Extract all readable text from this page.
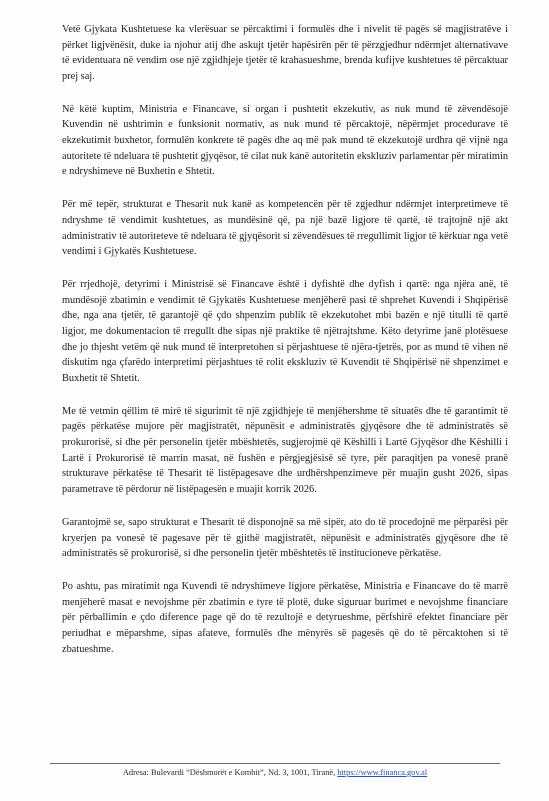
Vetë Gjykata Kushtetuese ka vlerësuar se përcaktimi i formulës dhe i nivelit të pagës së magjistratëve i përket ligjvënësit, duke ia njohur atij dhe askujt tjetër hapësirën për të përzgjedhur ndërmjet alternativave të evidentuara në vendim ose një zgjidhjeje tjetër të krahasueshme, brenda kufijve kushtetues të përcaktuar prej saj.

Në këtë kuptim, Ministria e Financave, si organ i pushtetit ekzekutiv, as nuk mund të zëvendësojë Kuvendin në ushtrimin e funksionit normativ, as nuk mund të përcaktojë, nëpërmjet procedurave të ekzekutimit buxhetor, formulën konkrete të pagës dhe aq më pak mund të ekzekutojë urdhra që vijnë nga autoritete të ndeluara të pushtetit gjyqësor, të cilat nuk kanë autoritetin ekskluziv parlamentar për miratimin e ndryshimeve në Buxhetin e Shtetit.

Për më tepër, strukturat e Thesarit nuk kanë as kompetencën për të zgjedhur ndërmjet interpretimeve të ndryshme të vendimit kushtetues, as mundësinë që, pa një bazë ligjore të qartë, të trajtojnë një akt administrativ të autoriteteve të ndeluara të gjyqësorit si zëvendësues të rregullimit ligjor të kërkuar nga vetë vendimi i Gjykatës Kushtetuese.

Për rrjedhojë, detyrimi i Ministrisë së Financave është i dyfishtë dhe dyfish i qartë: nga njëra anë, të mundësojë zbatimin e vendimit të Gjykatës Kushtetuese menjëherë pasi të shprehet Kuvendi i Shqipërisë dhe, nga ana tjetër, të garantojë që çdo shpenzim publik të ekzekutohet mbi bazën e një titulli të qartë ligjor, me dokumentacion të rregullt dhe sipas një praktike të njëtrajtshme. Këto detyrime janë plotësuese dhe jo thjesht vetëm që nuk mund të interpretohen si përjashtuese të njëra-tjetrës, por as mund të vihen në diskutim nga çfarëdo interpretimi përjashtues të rolit ekskluziv të Kuvendit të Shqipërisë në shpenzimet e Buxhetit të Shtetit.

Me të vetmin qëllim të mirë të sigurimit të një zgjidhjeje të menjëhershme të situatës dhe të garantimit të pagës përkatëse mujore për magjistratët, nëpunësit e administratës gjyqësore dhe të administratës së prokurorisë, si dhe për personelin tjetër mbështetës, sugjerojmë që Këshilli i Lartë Gjyqësor dhe Këshilli i Lartë i Prokurorisë të marrin masat, në fushën e përgjegjësisë së tyre, për paraqitjen pa vonesë pranë strukturave përkatëse të Thesarit të listëpagesave dhe urdhërshpenzimeve për muajin gusht 2026, sipas parametrave të përdorur në listëpagesën e muajit korrik 2026.

Garantojmë se, sapo strukturat e Thesarit të disponojnë sa më sipër, ato do të procedojnë me përparësi për kryerjen pa vonesë të pagesave për të gjithë magjistratët, nëpunësit e administratës gjyqësore dhe të administratës së prokurorisë, si dhe personelin tjetër mbështetës të institucioneve përkatëse.

Po ashtu, pas miratimit nga Kuvendi të ndryshimeve ligjore përkatëse, Ministria e Financave do të marrë menjëherë masat e nevojshme për zbatimin e tyre të plotë, duke siguruar burimet e nevojshme financiare për përballimin e çdo diference page që do të rezultojë e detyrueshme, përfshirë efektet financiare për periudhat e mëparshme, sipas afateve, formulës dhe mënyrës së pagesës që do të përcaktohen si të zbatueshme.

Adresa: Bulevardi “Dëshmorët e Kombit”, Nd. 3, 1001, Tiranë, https://www.financa.gov.al
